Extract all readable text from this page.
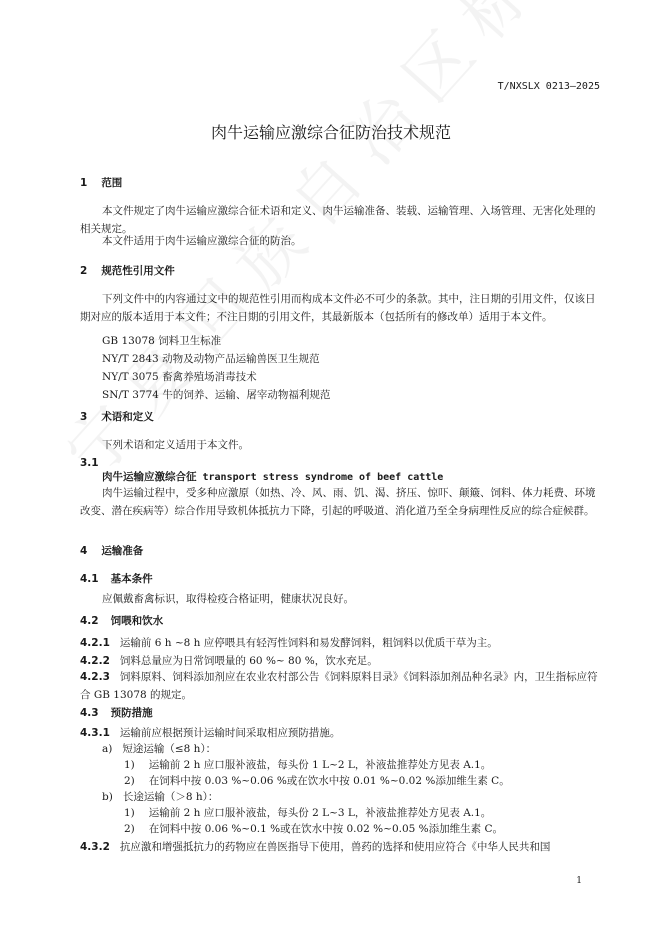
T/NXSLX 0213—2025
肉牛运输应激综合征防治技术规范
1 范围
本文件规定了肉牛运输应激综合征术语和定义、肉牛运输准备、装载、运输管理、入场管理、无害化处理的相关规定。
本文件适用于肉牛运输应激综合征的防治。
2 规范性引用文件
下列文件中的内容通过文中的规范性引用而构成本文件必不可少的条款。其中，注日期的引用文件，仅该日期对应的版本适用于本文件；不注日期的引用文件，其最新版本（包括所有的修改单）适用于本文件。
GB 13078 饲料卫生标准
NY/T 2843 动物及动物产品运输兽医卫生规范
NY/T 3075 畜禽养殖场消毒技术
SN/T 3774 牛的饲养、运输、屠宰动物福利规范
3 术语和定义
下列术语和定义适用于本文件。
3.1
肉牛运输应激综合征 transport stress syndrome of beef cattle
肉牛运输过程中，受多种应激原（如热、冷、风、雨、饥、渴、挤压、惊吓、颠簸、饲料、体力耗费、环境改变、潜在疾病等）综合作用导致机体抵抗力下降，引起的呼吸道、消化道乃至全身病理性反应的综合症候群。
4 运输准备
4.1 基本条件
应佩戴畜禽标识，取得检疫合格证明，健康状况良好。
4.2 饲喂和饮水
4.2.1 运输前 6 h ~8 h 应停喂具有轻泻性饲料和易发酵饲料，粗饲料以优质干草为主。
4.2.2 饲料总量应为日常饲喂量的 60 %~ 80 %，饮水充足。
4.2.3 饲料原料、饲料添加剂应在农业农村部公告《饲料原料目录》《饲料添加剂品种名录》内，卫生指标应符合 GB 13078 的规定。
4.3 预防措施
4.3.1 运输前应根据预计运输时间采取相应预防措施。
a) 短途运输（≤8 h）：
1) 运输前 2 h 应口服补液盐，每头份 1 L~2 L，补液盐推荐处方见表 A.1。
2) 在饲料中按 0.03 %~0.06 %或在饮水中按 0.01 %~0.02 %添加维生素 C。
b) 长途运输（＞8 h）：
1) 运输前 2 h 应口服补液盐，每头份 2 L~3 L，补液盐推荐处方见表 A.1。
2) 在饲料中按 0.06 %~0.1 %或在饮水中按 0.02 %~0.05 %添加维生素 C。
4.3.2 抗应激和增强抵抗力的药物应在兽医指导下使用，兽药的选择和使用应符合《中华人民共和国
1
